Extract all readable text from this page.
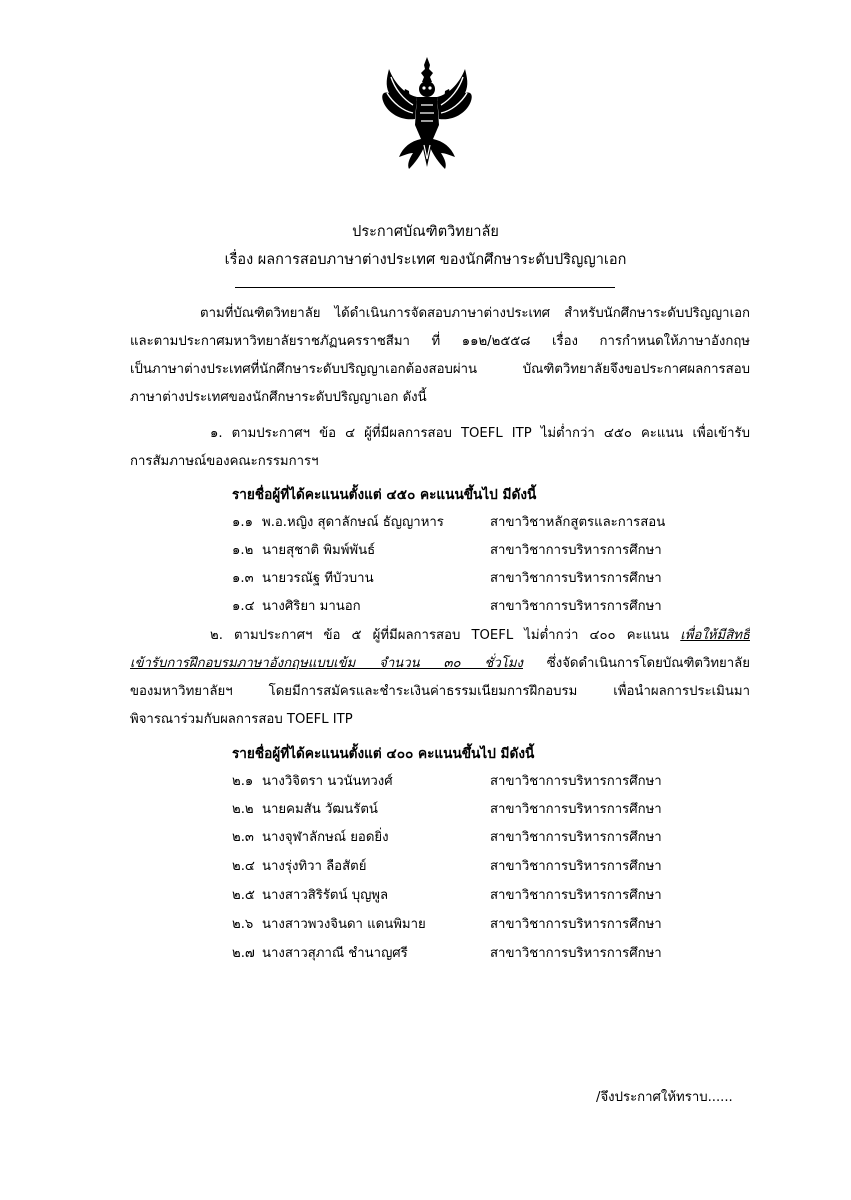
ประกาศบัณฑิตวิทยาลัย
เรื่อง ผลการสอบภาษาต่างประเทศ ของนักศึกษาระดับปริญญาเอก
ตามที่บัณฑิตวิทยาลัย ได้ดำเนินการจัดสอบภาษาต่างประเทศ สำหรับนักศึกษาระดับปริญญาเอก
และตามประกาศมหาวิทยาลัยราชภัฏนครราชสีมา ที่ ๑๑๒/๒๕๕๘ เรื่อง การกำหนดให้ภาษาอังกฤษ
เป็นภาษาต่างประเทศที่นักศึกษาระดับปริญญาเอกต้องสอบผ่าน บัณฑิตวิทยาลัยจึงขอประกาศผลการสอบ
ภาษาต่างประเทศของนักศึกษาระดับปริญญาเอก ดังนี้
๑. ตามประกาศฯ ข้อ ๔ ผู้ที่มีผลการสอบ TOEFL ITP ไม่ต่ำกว่า ๔๕๐ คะแนน เพื่อเข้ารับ
การสัมภาษณ์ของคณะกรรมการฯ
รายชื่อผู้ที่ได้คะแนนตั้งแต่ ๔๕๐ คะแนนขึ้นไป มีดังนี้
๑.๑ พ.อ.หญิง สุดาลักษณ์ ธัญญาหาร	สาขาวิชาหลักสูตรและการสอน
๑.๒ นายสุชาติ พิมพ์พันธ์	สาขาวิชาการบริหารการศึกษา
๑.๓ นายวรณัฐ ทีบัวบาน	สาขาวิชาการบริหารการศึกษา
๑.๔ นางศิริยา มานอก	สาขาวิชาการบริหารการศึกษา
๒. ตามประกาศฯ ข้อ ๕ ผู้ที่มีผลการสอบ TOEFL ไม่ต่ำกว่า ๔๐๐ คะแนน เพื่อให้มีสิทธิ์
เข้ารับการฝึกอบรมภาษาอังกฤษแบบเข้ม จำนวน ๓๐ ชั่วโมง ซึ่งจัดดำเนินการโดยบัณฑิตวิทยาลัย
ของมหาวิทยาลัยฯ โดยมีการสมัครและชำระเงินค่าธรรมเนียมการฝึกอบรม เพื่อนำผลการประเมินมา
พิจารณาร่วมกับผลการสอบ TOEFL ITP
รายชื่อผู้ที่ได้คะแนนตั้งแต่ ๔๐๐ คะแนนขึ้นไป มีดังนี้
๒.๑ นางวิจิตรา นวนันทวงศ์	สาขาวิชาการบริหารการศึกษา
๒.๒ นายคมสัน วัฒนรัตน์	สาขาวิชาการบริหารการศึกษา
๒.๓ นางจุฬาลักษณ์ ยอดยิ่ง	สาขาวิชาการบริหารการศึกษา
๒.๔ นางรุ่งทิวา ลือสัตย์	สาขาวิชาการบริหารการศึกษา
๒.๕ นางสาวสิริรัตน์ บุญพูล	สาขาวิชาการบริหารการศึกษา
๒.๖ นางสาวพวงจินดา แดนพิมาย	สาขาวิชาการบริหารการศึกษา
๒.๗ นางสาวสุภาณี ชำนาญศรี	สาขาวิชาการบริหารการศึกษา
/จึงประกาศให้ทราบ......
